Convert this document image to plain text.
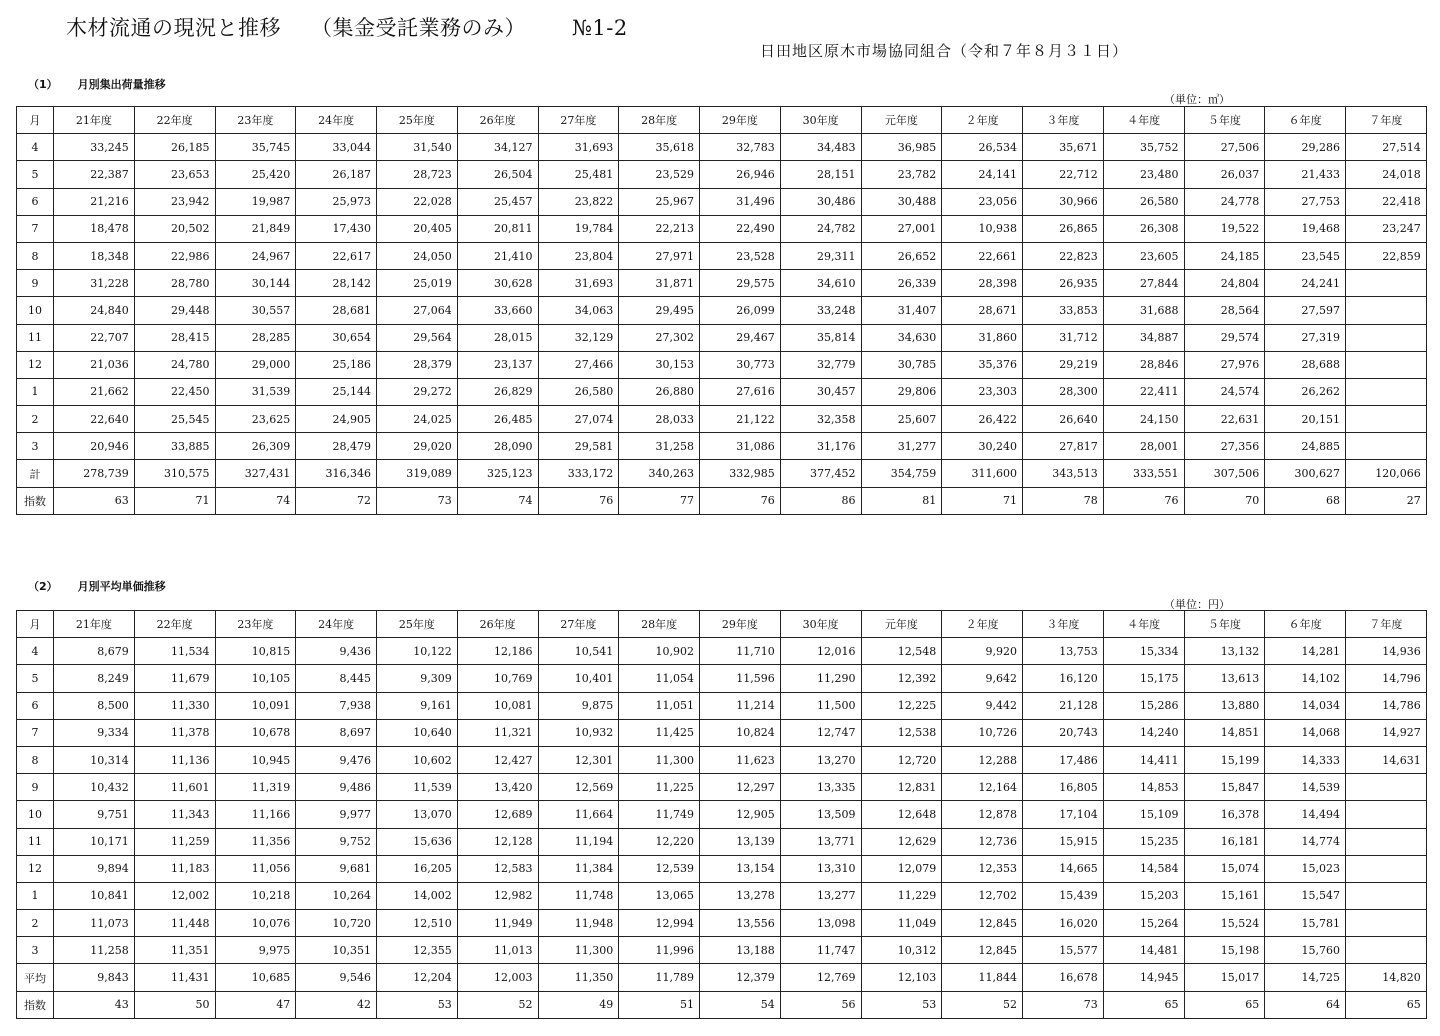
木材流通の現況と推移 （集金受託業務のみ） №1-2
日田地区原木市場協同組合（令和７年８月３１日）
（1） 月別集出荷量推移
（単位：㎥）
月	21年度	22年度	23年度	24年度	25年度	26年度	27年度	28年度	29年度	30年度	元年度	２年度	３年度	４年度	５年度	６年度	７年度
4	33,245	26,185	35,745	33,044	31,540	34,127	31,693	35,618	32,783	34,483	36,985	26,534	35,671	35,752	27,506	29,286	27,514
5	22,387	23,653	25,420	26,187	28,723	26,504	25,481	23,529	26,946	28,151	23,782	24,141	22,712	23,480	26,037	21,433	24,018
6	21,216	23,942	19,987	25,973	22,028	25,457	23,822	25,967	31,496	30,486	30,488	23,056	30,966	26,580	24,778	27,753	22,418
7	18,478	20,502	21,849	17,430	20,405	20,811	19,784	22,213	22,490	24,782	27,001	10,938	26,865	26,308	19,522	19,468	23,247
8	18,348	22,986	24,967	22,617	24,050	21,410	23,804	27,971	23,528	29,311	26,652	22,661	22,823	23,605	24,185	23,545	22,859
9	31,228	28,780	30,144	28,142	25,019	30,628	31,693	31,871	29,575	34,610	26,339	28,398	26,935	27,844	24,804	24,241	
10	24,840	29,448	30,557	28,681	27,064	33,660	34,063	29,495	26,099	33,248	31,407	28,671	33,853	31,688	28,564	27,597	
11	22,707	28,415	28,285	30,654	29,564	28,015	32,129	27,302	29,467	35,814	34,630	31,860	31,712	34,887	29,574	27,319	
12	21,036	24,780	29,000	25,186	28,379	23,137	27,466	30,153	30,773	32,779	30,785	35,376	29,219	28,846	27,976	28,688	
1	21,662	22,450	31,539	25,144	29,272	26,829	26,580	26,880	27,616	30,457	29,806	23,303	28,300	22,411	24,574	26,262	
2	22,640	25,545	23,625	24,905	24,025	26,485	27,074	28,033	21,122	32,358	25,607	26,422	26,640	24,150	22,631	20,151	
3	20,946	33,885	26,309	28,479	29,020	28,090	29,581	31,258	31,086	31,176	31,277	30,240	27,817	28,001	27,356	24,885	
計	278,739	310,575	327,431	316,346	319,089	325,123	333,172	340,263	332,985	377,452	354,759	311,600	343,513	333,551	307,506	300,627	120,066
指数	63	71	74	72	73	74	76	77	76	86	81	71	78	76	70	68	27
（2） 月別平均単価推移
（単位：円）
月	21年度	22年度	23年度	24年度	25年度	26年度	27年度	28年度	29年度	30年度	元年度	２年度	３年度	４年度	５年度	６年度	７年度
4	8,679	11,534	10,815	9,436	10,122	12,186	10,541	10,902	11,710	12,016	12,548	9,920	13,753	15,334	13,132	14,281	14,936
5	8,249	11,679	10,105	8,445	9,309	10,769	10,401	11,054	11,596	11,290	12,392	9,642	16,120	15,175	13,613	14,102	14,796
6	8,500	11,330	10,091	7,938	9,161	10,081	9,875	11,051	11,214	11,500	12,225	9,442	21,128	15,286	13,880	14,034	14,786
7	9,334	11,378	10,678	8,697	10,640	11,321	10,932	11,425	10,824	12,747	12,538	10,726	20,743	14,240	14,851	14,068	14,927
8	10,314	11,136	10,945	9,476	10,602	12,427	12,301	11,300	11,623	13,270	12,720	12,288	17,486	14,411	15,199	14,333	14,631
9	10,432	11,601	11,319	9,486	11,539	13,420	12,569	11,225	12,297	13,335	12,831	12,164	16,805	14,853	15,847	14,539	
10	9,751	11,343	11,166	9,977	13,070	12,689	11,664	11,749	12,905	13,509	12,648	12,878	17,104	15,109	16,378	14,494	
11	10,171	11,259	11,356	9,752	15,636	12,128	11,194	12,220	13,139	13,771	12,629	12,736	15,915	15,235	16,181	14,774	
12	9,894	11,183	11,056	9,681	16,205	12,583	11,384	12,539	13,154	13,310	12,079	12,353	14,665	14,584	15,074	15,023	
1	10,841	12,002	10,218	10,264	14,002	12,982	11,748	13,065	13,278	13,277	11,229	12,702	15,439	15,203	15,161	15,547	
2	11,073	11,448	10,076	10,720	12,510	11,949	11,948	12,994	13,556	13,098	11,049	12,845	16,020	15,264	15,524	15,781	
3	11,258	11,351	9,975	10,351	12,355	11,013	11,300	11,996	13,188	11,747	10,312	12,845	15,577	14,481	15,198	15,760	
平均	9,843	11,431	10,685	9,546	12,204	12,003	11,350	11,789	12,379	12,769	12,103	11,844	16,678	14,945	15,017	14,725	14,820
指数	43	50	47	42	53	52	49	51	54	56	53	52	73	65	65	64	65
